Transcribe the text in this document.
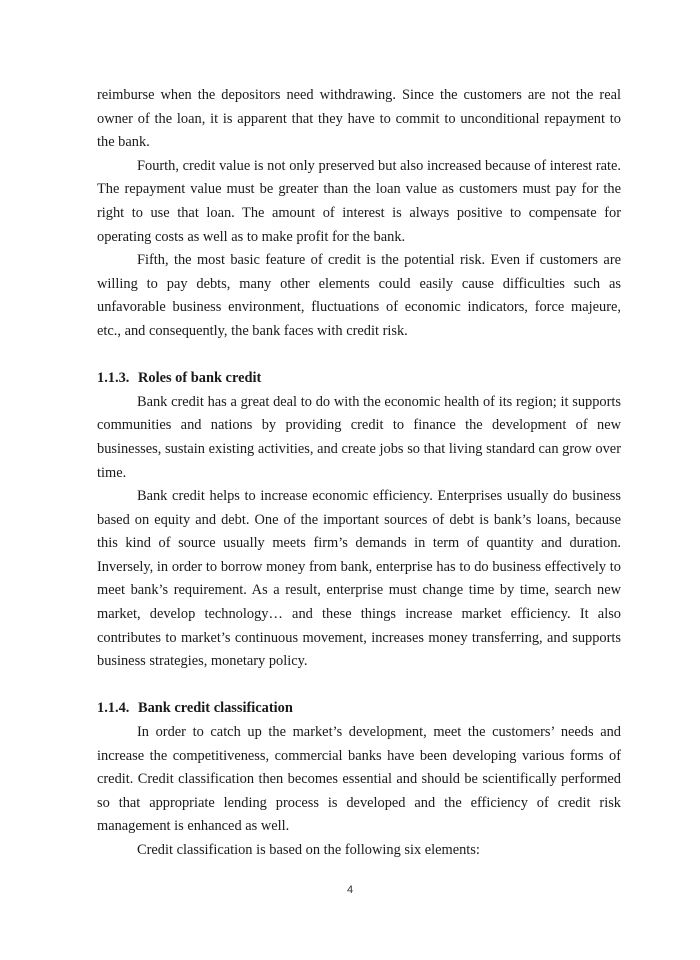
reimburse when the depositors need withdrawing. Since the customers are not the real owner of the loan, it is apparent that they have to commit to unconditional repayment to the bank.

Fourth, credit value is not only preserved but also increased because of interest rate. The repayment value must be greater than the loan value as customers must pay for the right to use that loan. The amount of interest is always positive to compensate for operating costs as well as to make profit for the bank.

Fifth, the most basic feature of credit is the potential risk. Even if customers are willing to pay debts, many other elements could easily cause difficulties such as unfavorable business environment, fluctuations of economic indicators, force majeure, etc., and consequently, the bank faces with credit risk.

1.1.3. Roles of bank credit

Bank credit has a great deal to do with the economic health of its region; it supports communities and nations by providing credit to finance the development of new businesses, sustain existing activities, and create jobs so that living standard can grow over time.

Bank credit helps to increase economic efficiency. Enterprises usually do business based on equity and debt. One of the important sources of debt is bank’s loans, because this kind of source usually meets firm’s demands in term of quantity and duration. Inversely, in order to borrow money from bank, enterprise has to do business effectively to meet bank’s requirement. As a result, enterprise must change time by time, search new market, develop technology… and these things increase market efficiency. It also contributes to market’s continuous movement, increases money transferring, and supports business strategies, monetary policy.

1.1.4. Bank credit classification

In order to catch up the market’s development, meet the customers’ needs and increase the competitiveness, commercial banks have been developing various forms of credit. Credit classification then becomes essential and should be scientifically performed so that appropriate lending process is developed and the efficiency of credit risk management is enhanced as well.

Credit classification is based on the following six elements:

4
